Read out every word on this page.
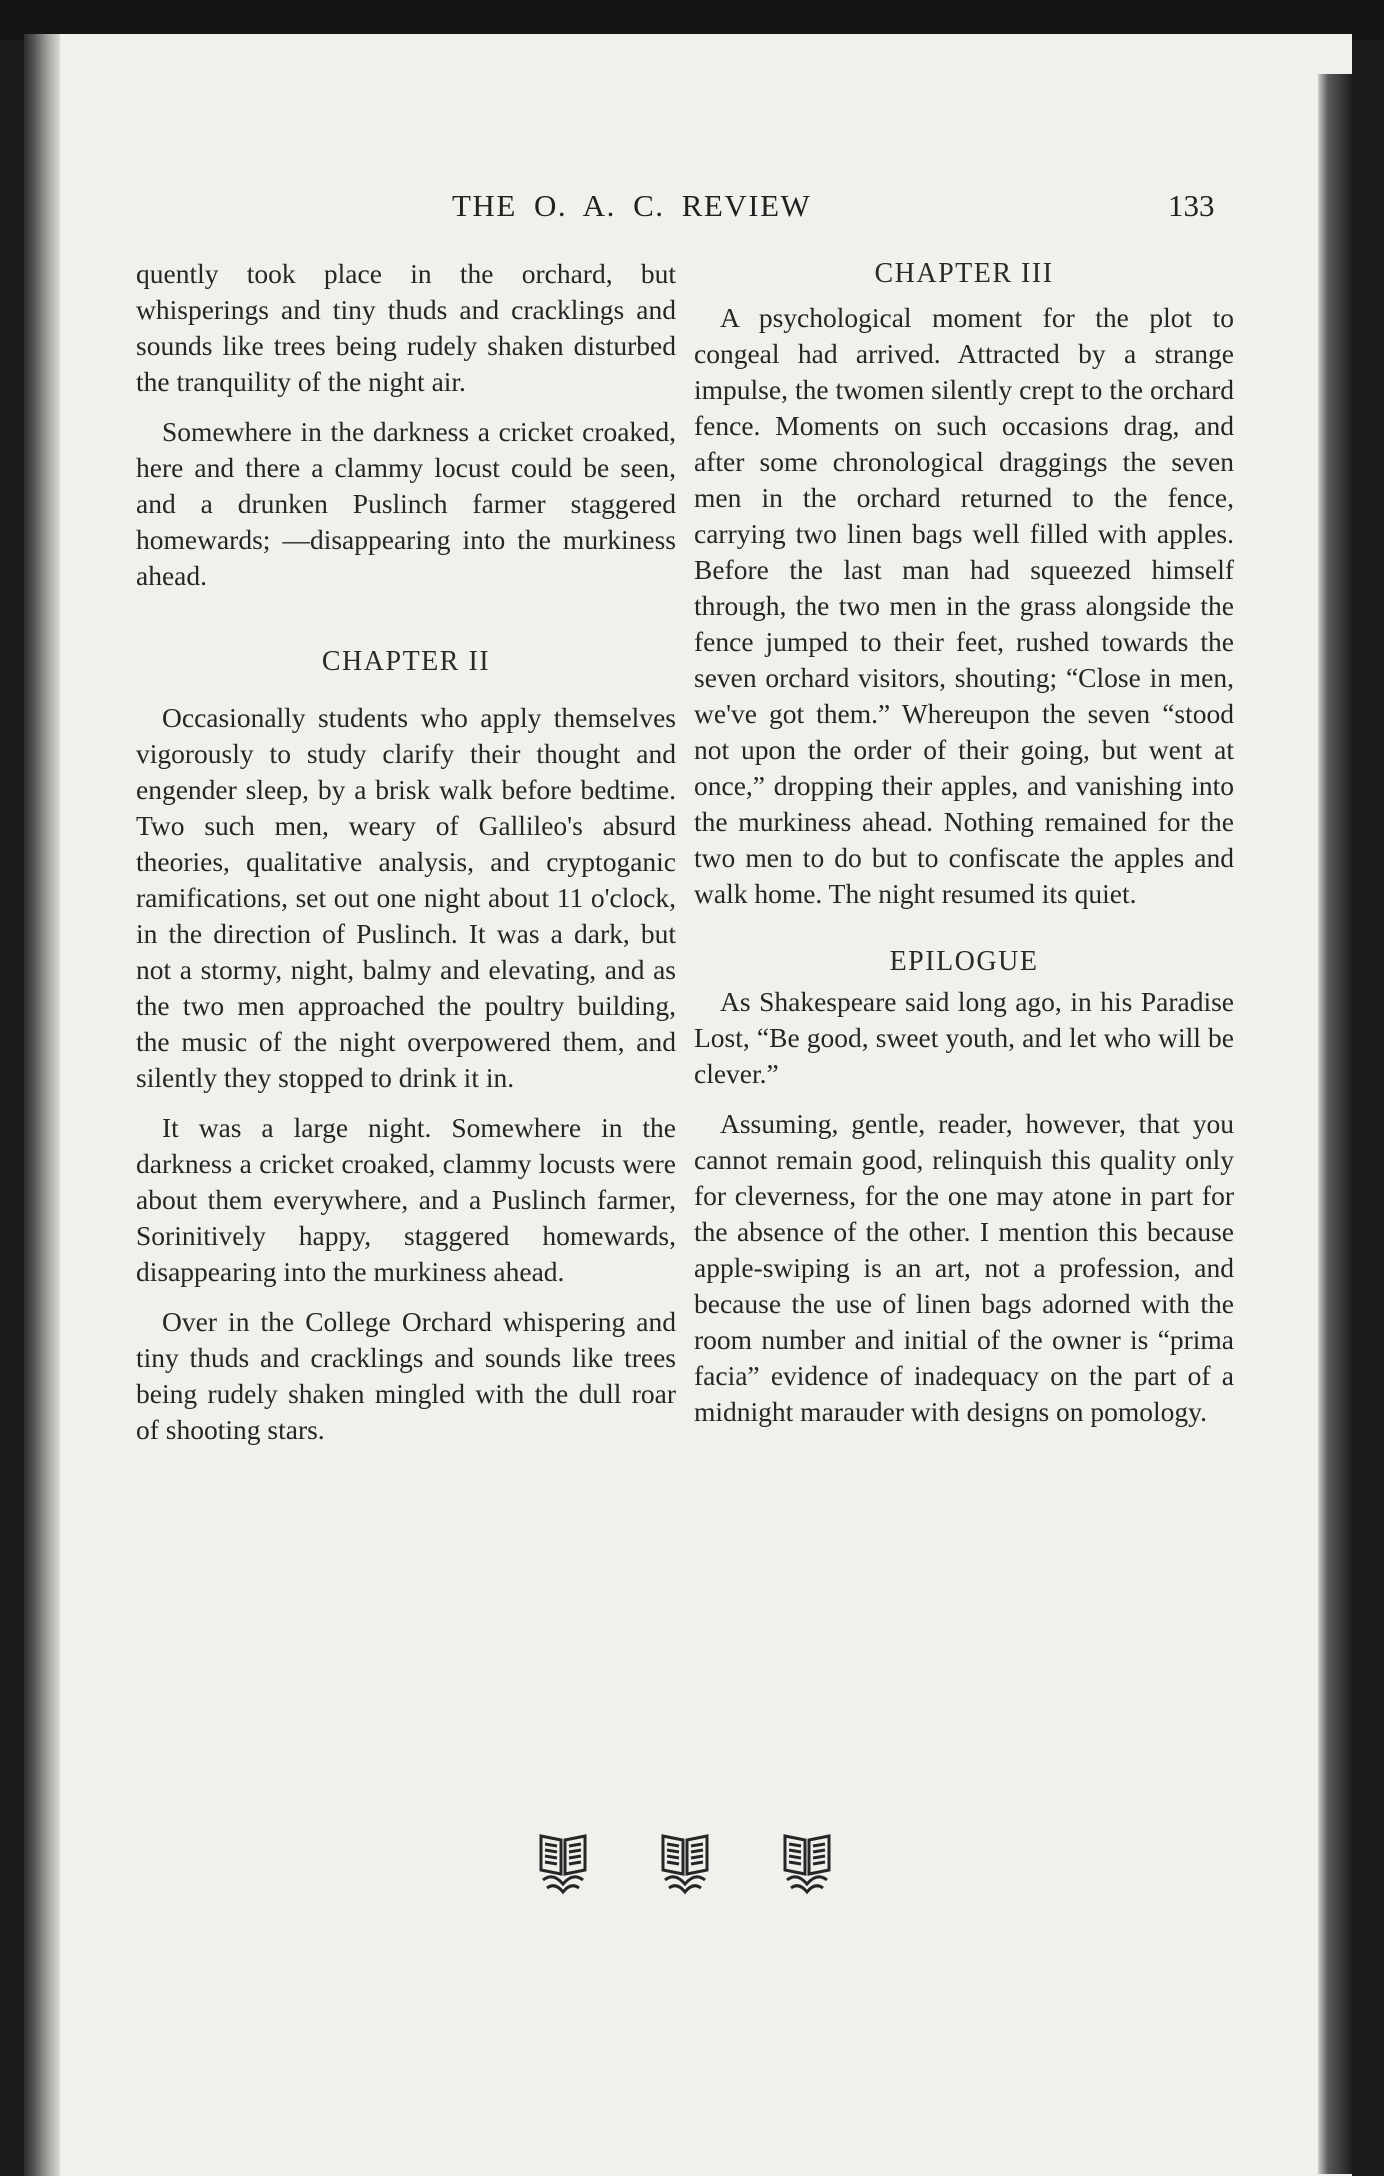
THE O. A. C. REVIEW	133

quently took place in the orchard, but whisperings and tiny thuds and cracklings and sounds like trees being rudely shaken disturbed the tranquility of the night air.

Somewhere in the darkness a cricket croaked, here and there a clammy locust could be seen, and a drunken Puslinch farmer staggered homewards; —disappearing into the murkiness ahead.

CHAPTER II

Occasionally students who apply themselves vigorously to study clarify their thought and engender sleep, by a brisk walk before bedtime. Two such men, weary of Gallileo's absurd theories, qualitative analysis, and cryptoganic ramifications, set out one night about 11 o'clock, in the direction of Puslinch. It was a dark, but not a stormy, night, balmy and elevating, and as the two men approached the poultry building, the music of the night overpowered them, and silently they stopped to drink it in.

It was a large night. Somewhere in the darkness a cricket croaked, clammy locusts were about them everywhere, and a Puslinch farmer, Sorinitively happy, staggered homewards, disappearing into the murkiness ahead.

Over in the College Orchard whispering and tiny thuds and cracklings and sounds like trees being rudely shaken mingled with the dull roar of shooting stars.

CHAPTER III

A psychological moment for the plot to congeal had arrived. Attracted by a strange impulse, the twomen silently crept to the orchard fence. Moments on such occasions drag, and after some chronological draggings the seven men in the orchard returned to the fence, carrying two linen bags well filled with apples. Before the last man had squeezed himself through, the two men in the grass alongside the fence jumped to their feet, rushed towards the seven orchard visitors, shouting; “Close in men, we've got them.” Whereupon the seven “stood not upon the order of their going, but went at once,” dropping their apples, and vanishing into the murkiness ahead. Nothing remained for the two men to do but to confiscate the apples and walk home. The night resumed its quiet.

EPILOGUE

As Shakespeare said long ago, in his Paradise Lost, “Be good, sweet youth, and let who will be clever.”

Assuming, gentle, reader, however, that you cannot remain good, relinquish this quality only for cleverness, for the one may atone in part for the absence of the other. I mention this because apple-swiping is an art, not a profession, and because the use of linen bags adorned with the room number and initial of the owner is “prima facia” evidence of inadequacy on the part of a midnight marauder with designs on pomology.
